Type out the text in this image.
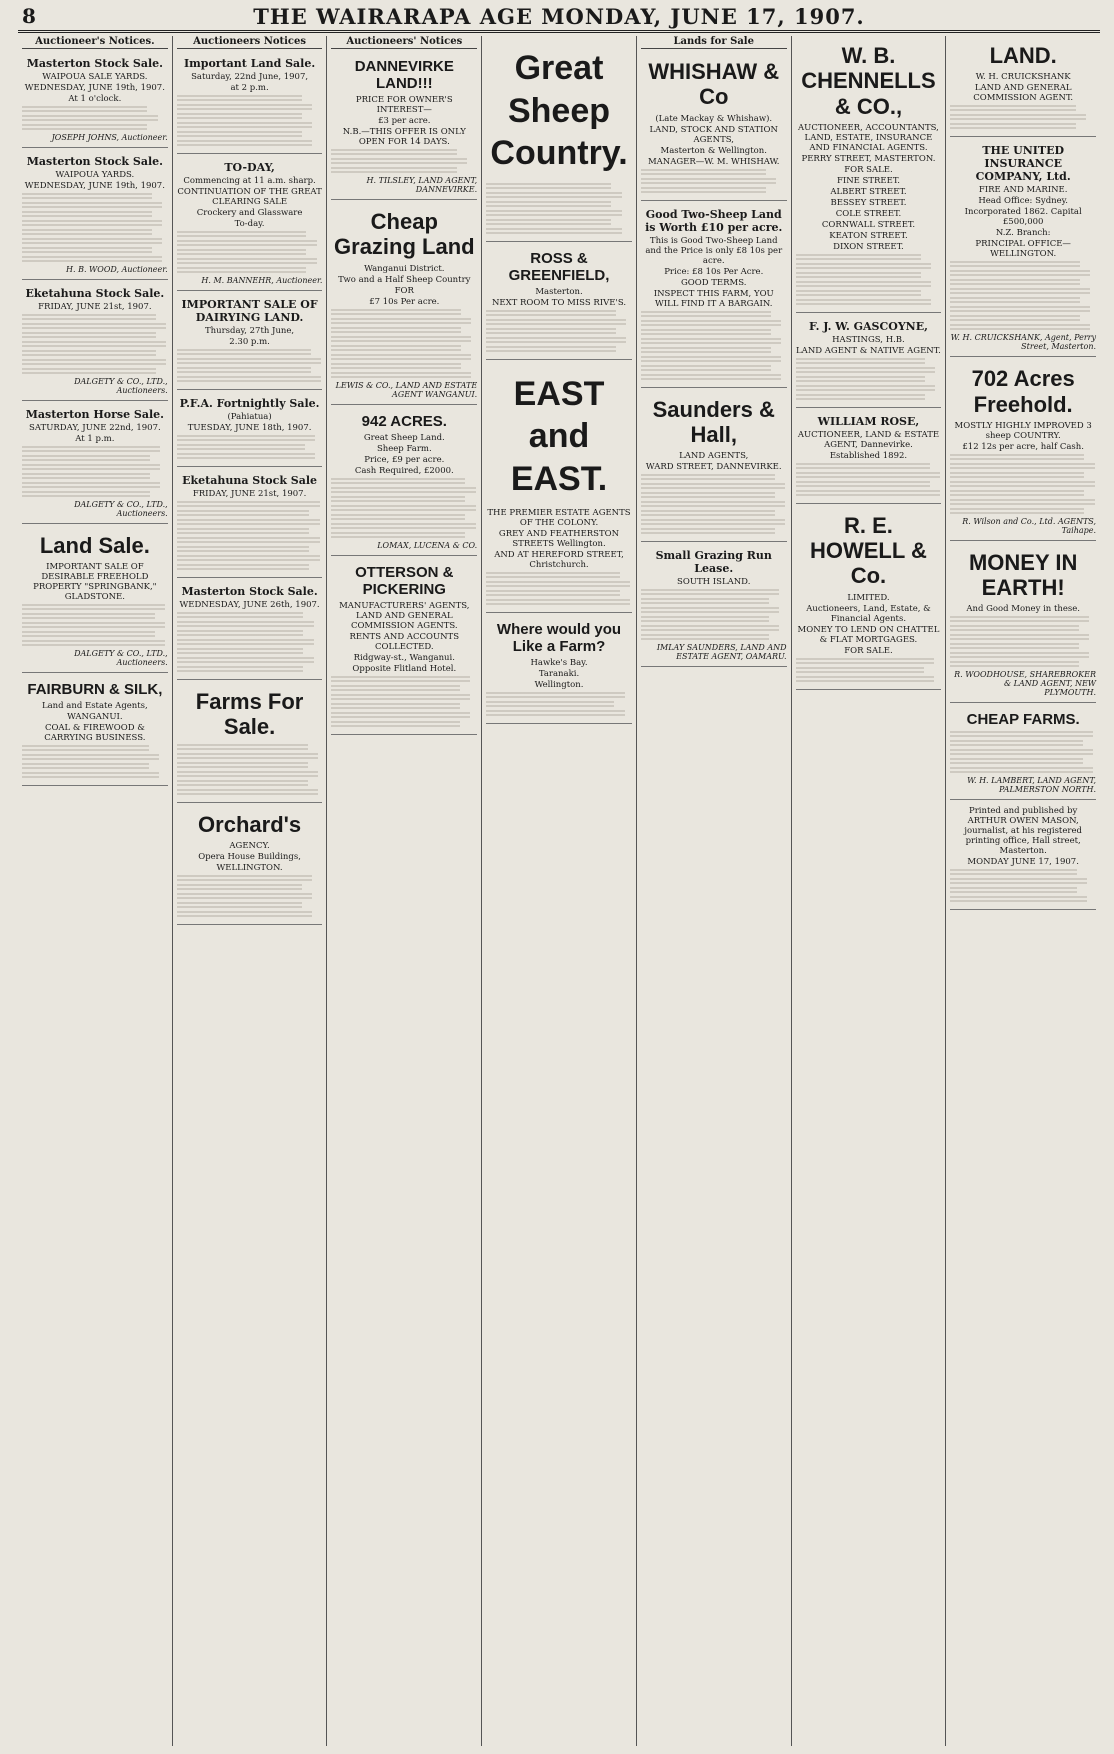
8	THE WAIRARAPA AGE MONDAY, JUNE 17, 1907.
Auctioneer's Notices.
Masterton Stock Sale.
WAIPOUA SALE YARDS.
WEDNESDAY, JUNE 19th, 1907.
At 1 o'clock.
JOSEPH JOHNS, Auctioneer.
Masterton Stock Sale.
WAIPOUA YARDS.
WEDNESDAY, JUNE 19th, 1907.
H. B. WOOD, Auctioneer.
Eketahuna Stock Sale.
FRIDAY, JUNE 21st, 1907.
DALGETY & CO., LTD., Auctioneers.
Masterton Horse Sale.
SATURDAY, JUNE 22nd, 1907.
At 1 p.m.
DALGETY & CO., LTD., Auctioneers.
Land Sale.
IMPORTANT SALE OF DESIRABLE FREEHOLD PROPERTY "SPRINGBANK," GLADSTONE.
DALGETY & CO., LTD., Auctioneers.
FAIRBURN & SILK,
Land and Estate Agents,
WANGANUI.
COAL & FIREWOOD & CARRYING BUSINESS.
Auctioneers Notices
Important Land Sale.
Saturday, 22nd June, 1907,
at 2 p.m.
TO-DAY,
Commencing at 11 a.m. sharp.
CONTINUATION OF THE GREAT CLEARING SALE
Crockery and Glassware
To-day.
H. M. BANNEHR, Auctioneer.
IMPORTANT SALE OF DAIRYING LAND.
Thursday, 27th June,
2.30 p.m.
P.F.A. Fortnightly Sale.
(Pahiatua)
TUESDAY, JUNE 18th, 1907.
Eketahuna Stock Sale
FRIDAY, JUNE 21st, 1907.
Masterton Stock Sale.
WEDNESDAY, JUNE 26th, 1907.
Farms For Sale.
Orchard's
AGENCY.
Opera House Buildings,
WELLINGTON.
Auctioneers' Notices
DANNEVIRKE LAND!!!
PRICE FOR OWNER'S INTEREST—
£3 per acre.
N.B.—THIS OFFER IS ONLY OPEN FOR 14 DAYS.
H. TILSLEY, LAND AGENT, DANNEVIRKE.
Cheap Grazing Land
Wanganui District.
Two and a Half Sheep Country
FOR
£7 10s Per acre.
LEWIS & CO., LAND AND ESTATE AGENT WANGANUI.
942 ACRES.
Great Sheep Land.
Sheep Farm.
Price, £9 per acre.
Cash Required, £2000.
LOMAX, LUCENA & CO.
OTTERSON & PICKERING
MANUFACTURERS' AGENTS, LAND AND GENERAL COMMISSION AGENTS.
RENTS AND ACCOUNTS COLLECTED.
Ridgway-st., Wanganui.
Opposite Flitland Hotel.
Great Sheep Country.
ROSS & GREENFIELD,
Masterton.
NEXT ROOM TO MISS RIVE'S.
EAST and EAST.
THE PREMIER ESTATE AGENTS OF THE COLONY.
GREY AND FEATHERSTON STREETS Wellington.
AND AT HEREFORD STREET, Christchurch.
Where would you Like a Farm?
Hawke's Bay.
Taranaki.
Wellington.
Lands for Sale
WHISHAW & Co
(Late Mackay & Whishaw).
LAND, STOCK AND STATION AGENTS,
Masterton & Wellington.
MANAGER—W. M. WHISHAW.
Good Two-Sheep Land is Worth £10 per acre.
This is Good Two-Sheep Land and the Price is only £8 10s per acre.
Price: £8 10s Per Acre.
GOOD TERMS.
INSPECT THIS FARM, YOU WILL FIND IT A BARGAIN.
Saunders & Hall,
LAND AGENTS,
WARD STREET, DANNEVIRKE.
Small Grazing Run Lease.
SOUTH ISLAND.
IMLAY SAUNDERS, LAND AND ESTATE AGENT, OAMARU.
W. B. CHENNELLS & CO.,
AUCTIONEER, ACCOUNTANTS, LAND, ESTATE, INSURANCE AND FINANCIAL AGENTS.
PERRY STREET, MASTERTON.
FOR SALE.
FINE STREET.
ALBERT STREET.
BESSEY STREET.
COLE STREET.
CORNWALL STREET.
KEATON STREET.
DIXON STREET.
F. J. W. GASCOYNE,
HASTINGS, H.B.
LAND AGENT & NATIVE AGENT.
WILLIAM ROSE,
AUCTIONEER, LAND & ESTATE AGENT, Dannevirke.
Established 1892.
R. E. HOWELL & Co.
LIMITED.
Auctioneers, Land, Estate, & Financial Agents.
MONEY TO LEND ON CHATTEL & FLAT MORTGAGES.
FOR SALE.
LAND.
W. H. CRUICKSHANK
LAND AND GENERAL COMMISSION AGENT.
THE UNITED INSURANCE COMPANY, Ltd.
FIRE AND MARINE.
Head Office: Sydney.
Incorporated 1862. Capital £500,000
N.Z. Branch:
PRINCIPAL OFFICE—WELLINGTON.
W. H. CRUICKSHANK, Agent, Perry Street, Masterton.
702 Acres Freehold.
MOSTLY HIGHLY IMPROVED 3 sheep COUNTRY.
£12 12s per acre, half Cash.
R. Wilson and Co., Ltd. AGENTS, Taihape.
MONEY IN EARTH!
And Good Money in these.
R. WOODHOUSE, SHAREBROKER & LAND AGENT, NEW PLYMOUTH.
CHEAP FARMS.
W. H. LAMBERT, LAND AGENT, PALMERSTON NORTH.
Printed and published by ARTHUR OWEN MASON, journalist, at his registered printing office, Hall street, Masterton.
MONDAY JUNE 17, 1907.
